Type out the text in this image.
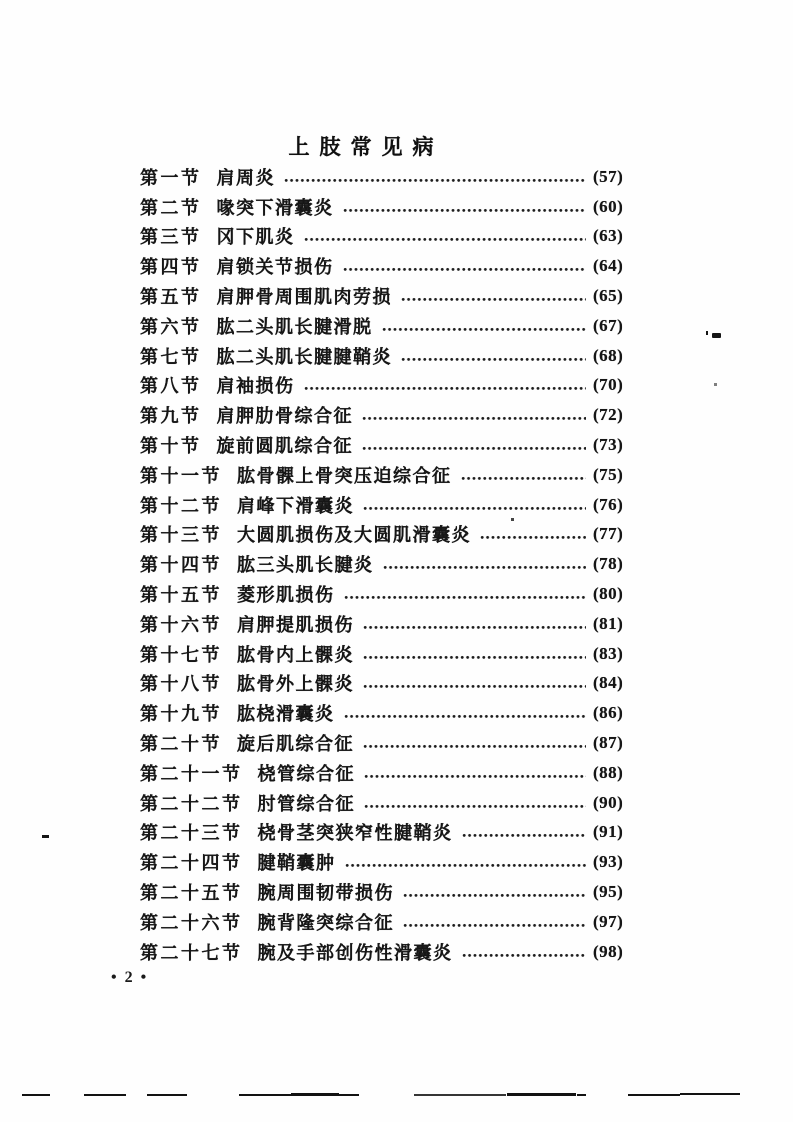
上肢常见病
第一节 肩周炎	(57)
第二节 喙突下滑囊炎	(60)
第三节 冈下肌炎	(63)
第四节 肩锁关节损伤	(64)
第五节 肩胛骨周围肌肉劳损	(65)
第六节 肱二头肌长腱滑脱	(67)
第七节 肱二头肌长腱腱鞘炎	(68)
第八节 肩袖损伤	(70)
第九节 肩胛肋骨综合征	(72)
第十节 旋前圆肌综合征	(73)
第十一节 肱骨髁上骨突压迫综合征	(75)
第十二节 肩峰下滑囊炎	(76)
第十三节 大圆肌损伤及大圆肌滑囊炎	(77)
第十四节 肱三头肌长腱炎	(78)
第十五节 菱形肌损伤	(80)
第十六节 肩胛提肌损伤	(81)
第十七节 肱骨内上髁炎	(83)
第十八节 肱骨外上髁炎	(84)
第十九节 肱桡滑囊炎	(86)
第二十节 旋后肌综合征	(87)
第二十一节 桡管综合征	(88)
第二十二节 肘管综合征	(90)
第二十三节 桡骨茎突狭窄性腱鞘炎	(91)
第二十四节 腱鞘囊肿	(93)
第二十五节 腕周围韧带损伤	(95)
第二十六节 腕背隆突综合征	(97)
第二十七节 腕及手部创伤性滑囊炎	(98)
• 2 •
